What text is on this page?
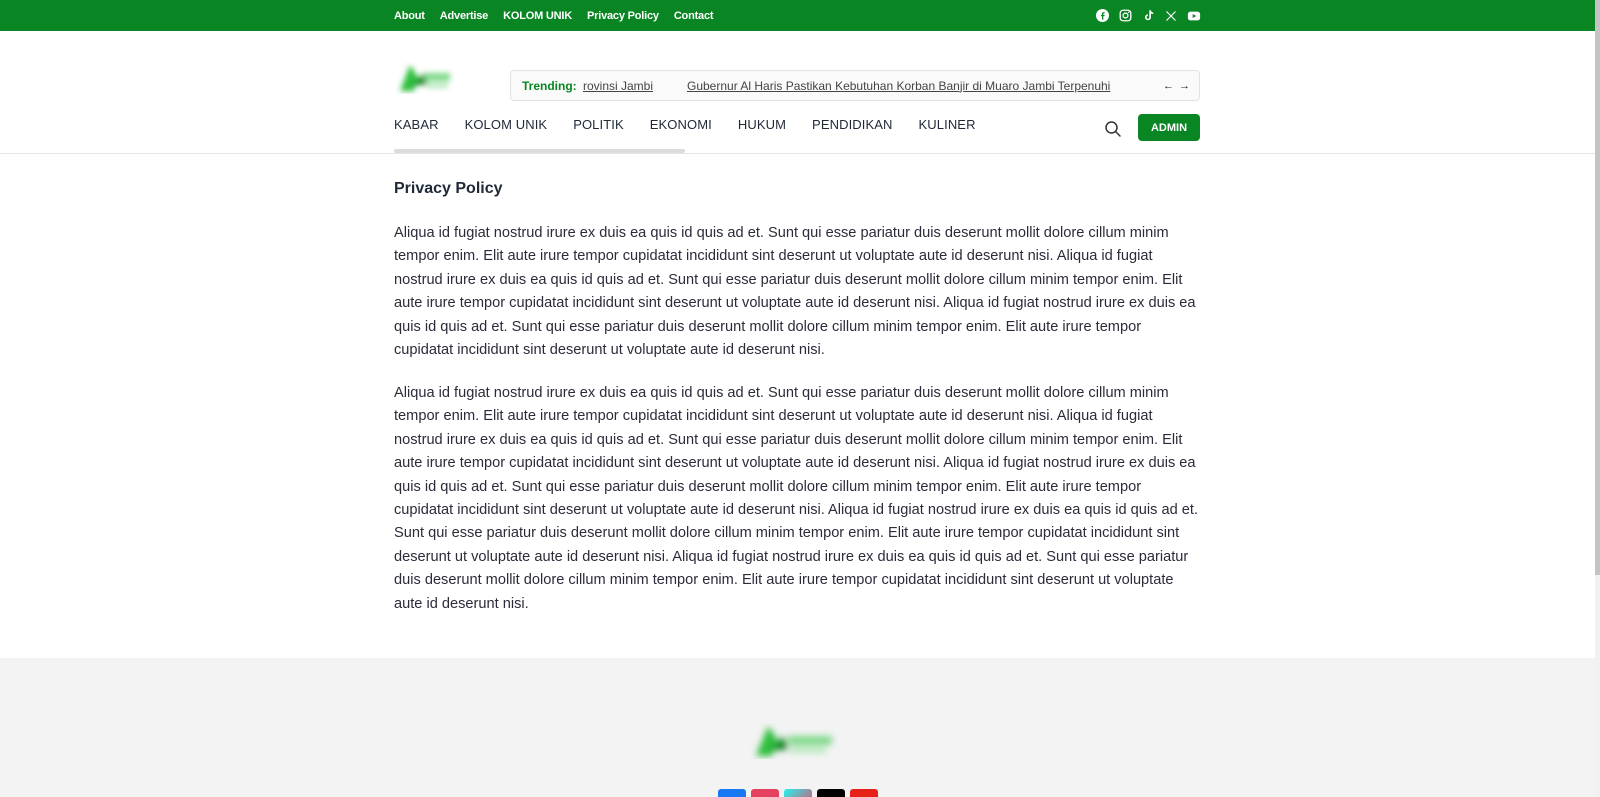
About Advertise KOLOM UNIK Privacy Policy Contact
Trending: rovinsi Jambi	Gubernur Al Haris Pastikan Kebutuhan Korban Banjir di Muaro Jambi Terpenuhi	← →
KABAR KOLOM UNIK POLITIK EKONOMI HUKUM PENDIDIKAN KULINER	ADMIN
Privacy Policy

Aliqua id fugiat nostrud irure ex duis ea quis id quis ad et. Sunt qui esse pariatur duis deserunt mollit dolore cillum minim tempor enim. Elit aute irure tempor cupidatat incididunt sint deserunt ut voluptate aute id deserunt nisi. Aliqua id fugiat nostrud irure ex duis ea quis id quis ad et. Sunt qui esse pariatur duis deserunt mollit dolore cillum minim tempor enim. Elit aute irure tempor cupidatat incididunt sint deserunt ut voluptate aute id deserunt nisi. Aliqua id fugiat nostrud irure ex duis ea quis id quis ad et. Sunt qui esse pariatur duis deserunt mollit dolore cillum minim tempor enim. Elit aute irure tempor cupidatat incididunt sint deserunt ut voluptate aute id deserunt nisi.

Aliqua id fugiat nostrud irure ex duis ea quis id quis ad et. Sunt qui esse pariatur duis deserunt mollit dolore cillum minim tempor enim. Elit aute irure tempor cupidatat incididunt sint deserunt ut voluptate aute id deserunt nisi. Aliqua id fugiat nostrud irure ex duis ea quis id quis ad et. Sunt qui esse pariatur duis deserunt mollit dolore cillum minim tempor enim. Elit aute irure tempor cupidatat incididunt sint deserunt ut voluptate aute id deserunt nisi. Aliqua id fugiat nostrud irure ex duis ea quis id quis ad et. Sunt qui esse pariatur duis deserunt mollit dolore cillum minim tempor enim. Elit aute irure tempor cupidatat incididunt sint deserunt ut voluptate aute id deserunt nisi. Aliqua id fugiat nostrud irure ex duis ea quis id quis ad et. Sunt qui esse pariatur duis deserunt mollit dolore cillum minim tempor enim. Elit aute irure tempor cupidatat incididunt sint deserunt ut voluptate aute id deserunt nisi. Aliqua id fugiat nostrud irure ex duis ea quis id quis ad et. Sunt qui esse pariatur duis deserunt mollit dolore cillum minim tempor enim. Elit aute irure tempor cupidatat incididunt sint deserunt ut voluptate aute id deserunt nisi.
